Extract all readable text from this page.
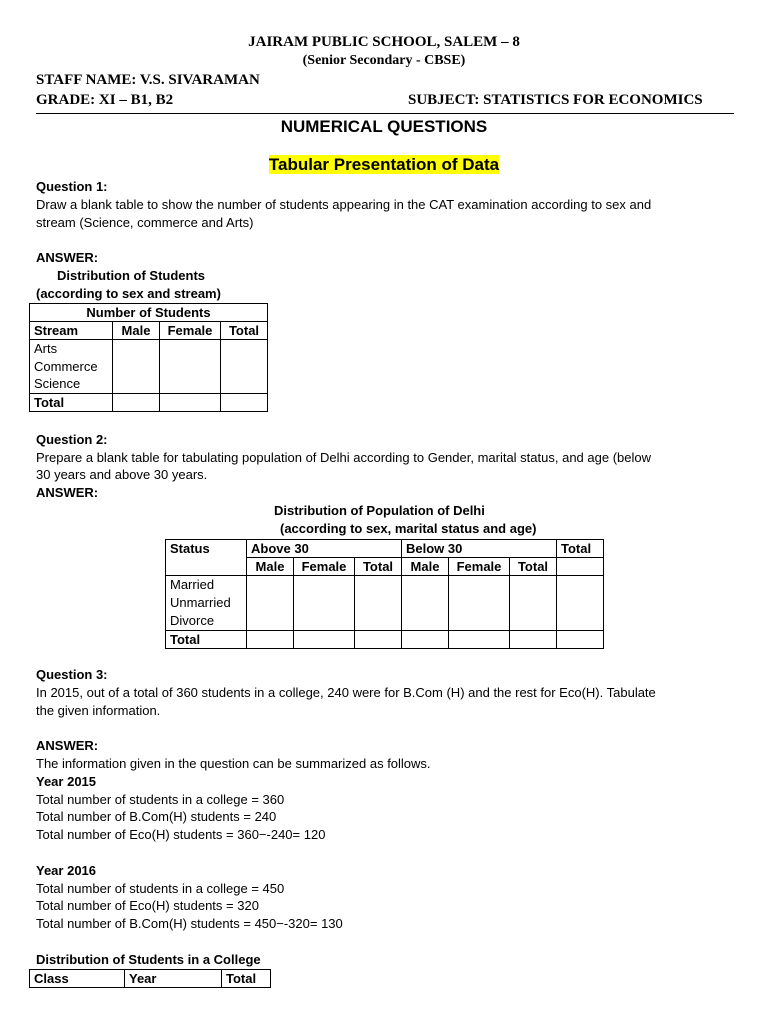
JAIRAM PUBLIC SCHOOL, SALEM – 8
(Senior Secondary - CBSE)
STAFF NAME: V.S. SIVARAMAN
GRADE: XI – B1, B2	SUBJECT: STATISTICS FOR ECONOMICS
NUMERICAL QUESTIONS
Tabular Presentation of Data
Question 1:
Draw a blank table to show the number of students appearing in the CAT examination according to sex and
stream (Science, commerce and Arts)
ANSWER:
Distribution of Students
(according to sex and stream)
Number of Students			
Stream	Male	Female	Total

Arts
Commerce
Science			

Total			
Question 2:
Prepare a blank table for tabulating population of Delhi according to Gender, marital status, and age (below
30 years and above 30 years.
ANSWER:
Distribution of Population of Delhi
(according to sex, marital status and age)
Status	Above 30			Below 30			Total
	Male	Female	Total	Male	Female	Total	

Married
Unmarried
Divorce							

Total							
Question 3:
In 2015, out of a total of 360 students in a college, 240 were for B.Com (H) and the rest for Eco(H). Tabulate
the given information.
ANSWER:
The information given in the question can be summarized as follows.
Year 2015
Total number of students in a college = 360
Total number of B.Com(H) students = 240
Total number of Eco(H) students = 360−-240= 120
Year 2016
Total number of students in a college = 450
Total number of Eco(H) students = 320
Total number of B.Com(H) students = 450−-320= 130
Distribution of Students in a College
Class	Year	Total
